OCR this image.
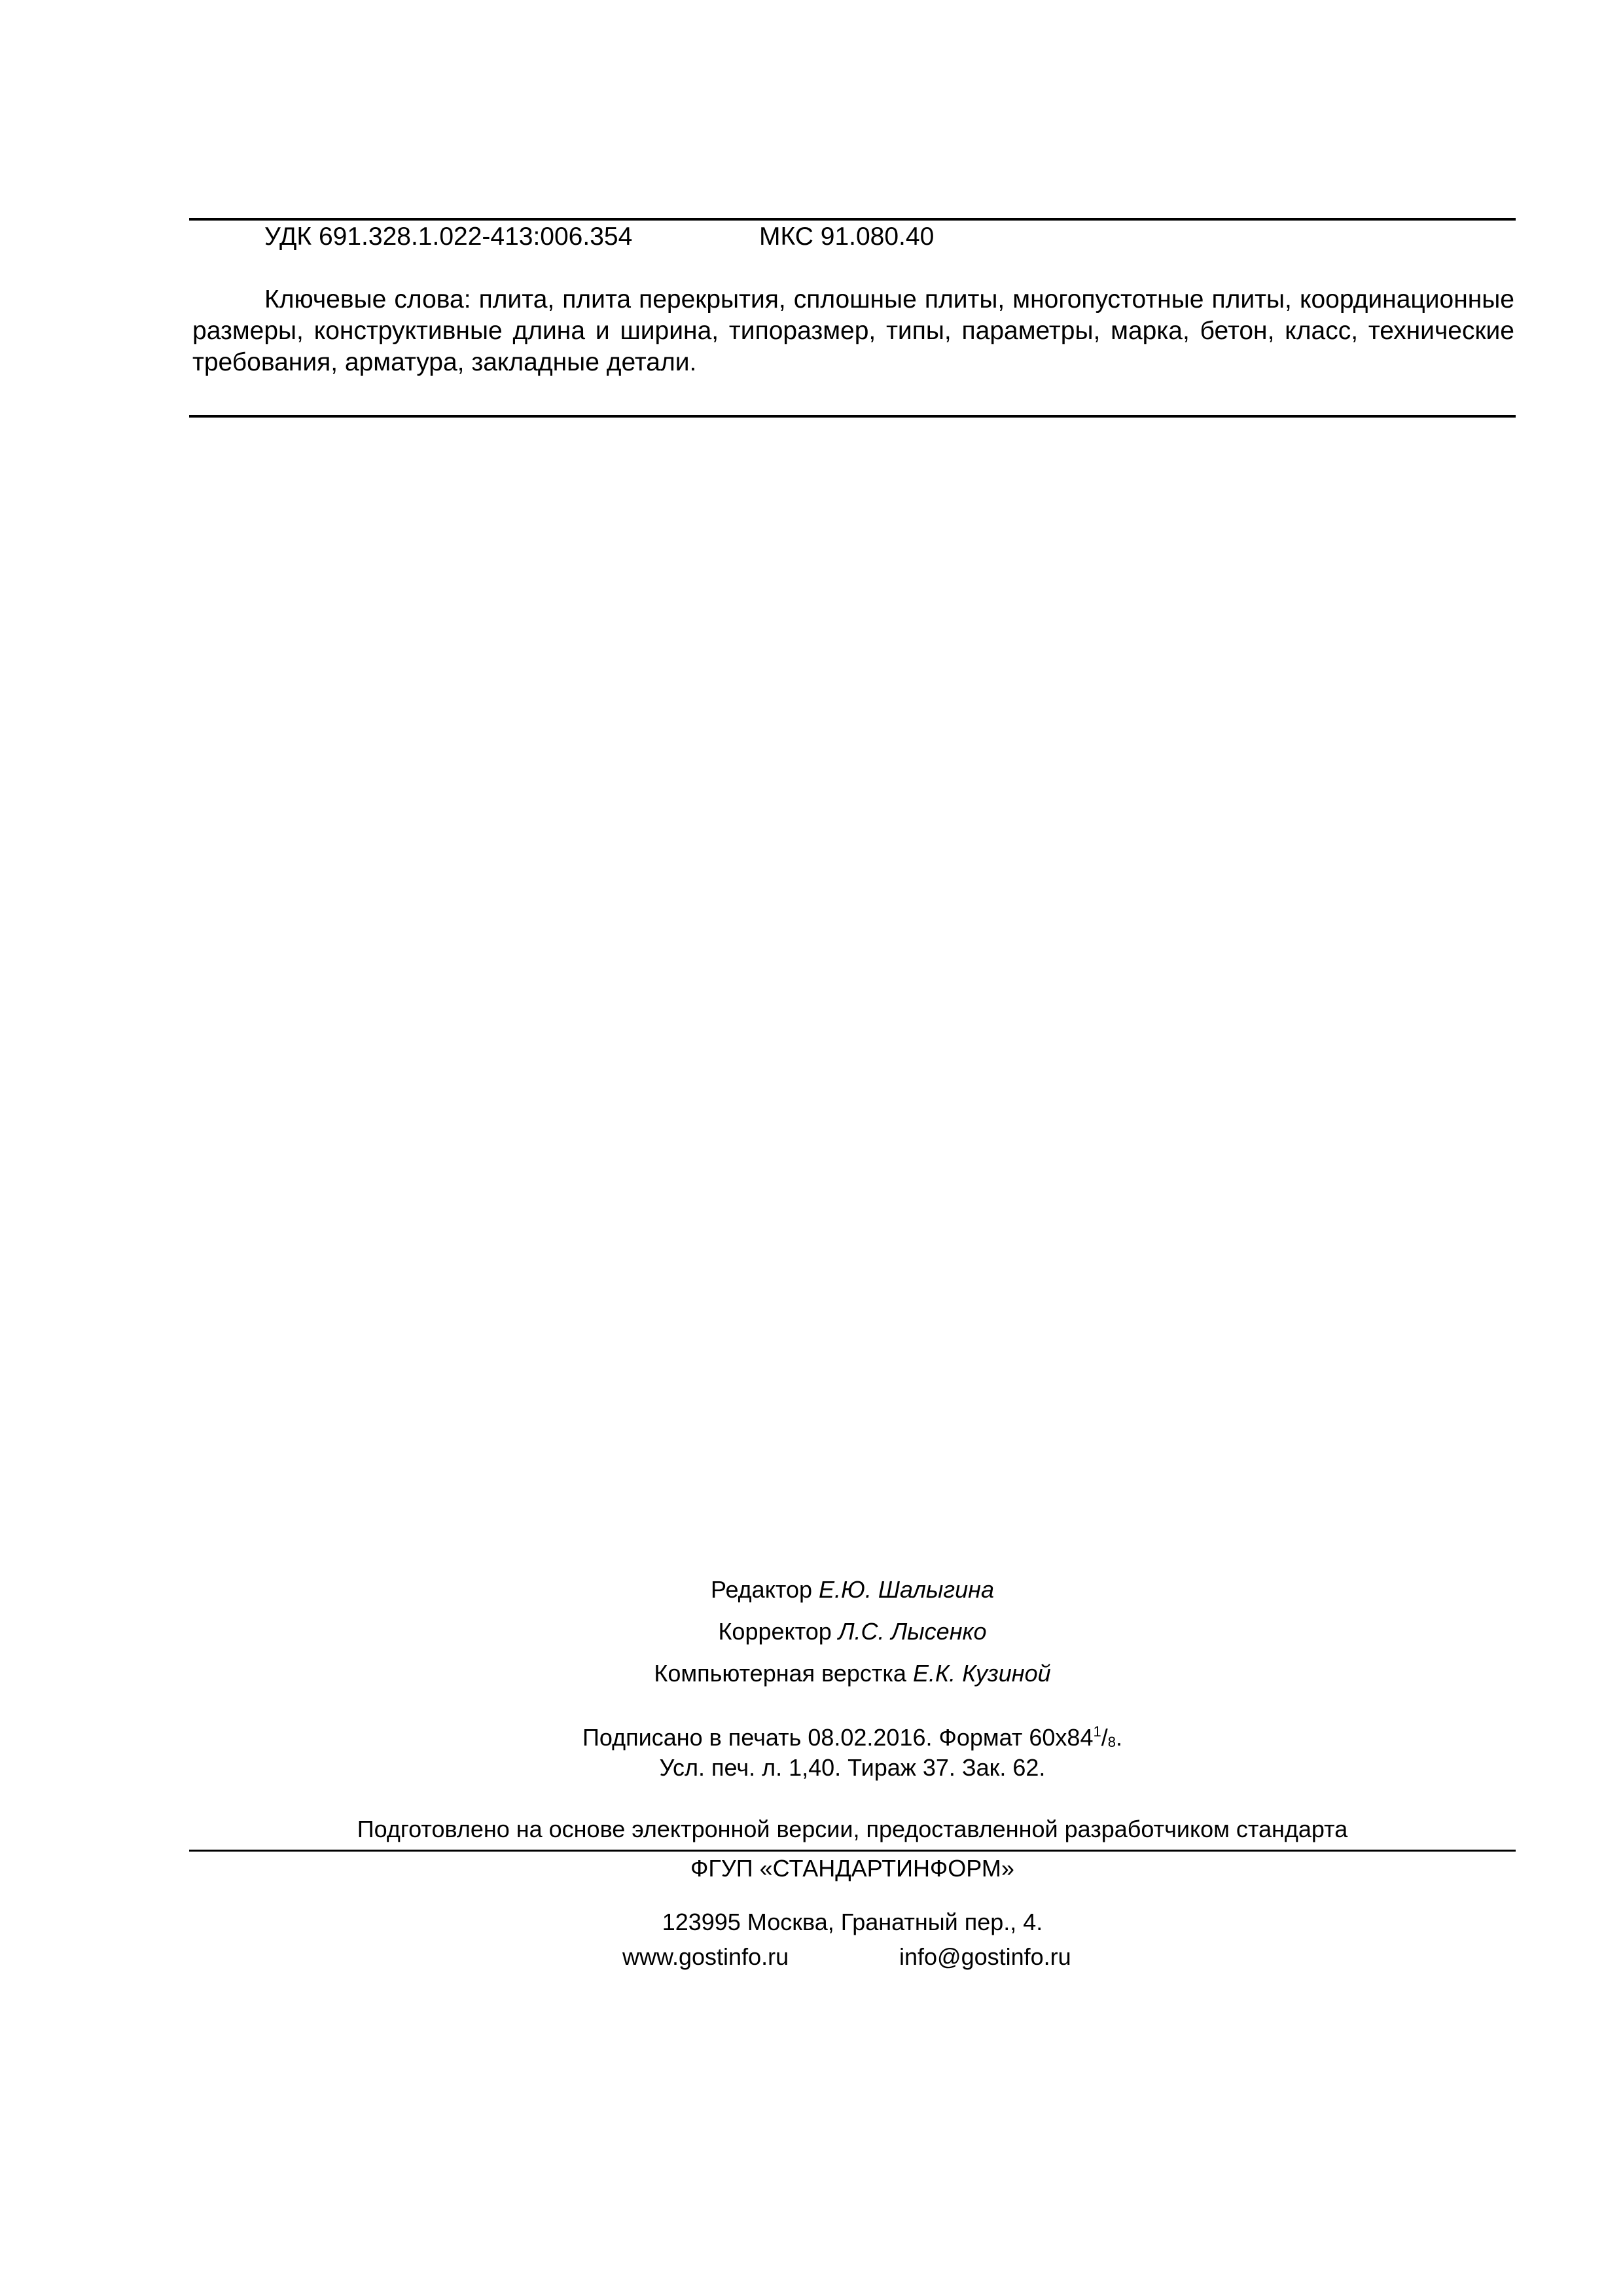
УДК 691.328.1.022-413:006.354	МКС 91.080.40

Ключевые слова: плита, плита перекрытия, сплошные плиты, многопустотные плиты, координационные размеры, конструктивные длина и ширина, типоразмер, типы, параметры, марка, бетон, класс, технические требования, арматура, закладные детали.

Редактор Е.Ю. Шалыгина
Корректор Л.С. Лысенко
Компьютерная верстка Е.К. Кузиной
Подписано в печать 08.02.2016. Формат $60x84^1/_8$.
Усл. печ. л. 1,40. Тираж 37. Зак. 62.
Подготовлено на основе электронной версии, предоставленной разработчиком стандарта
ФГУП «СТАНДАРТИНФОРМ»
123995 Москва, Гранатный пер., 4.
www.gostinfo.ru	info@gostinfo.ru
